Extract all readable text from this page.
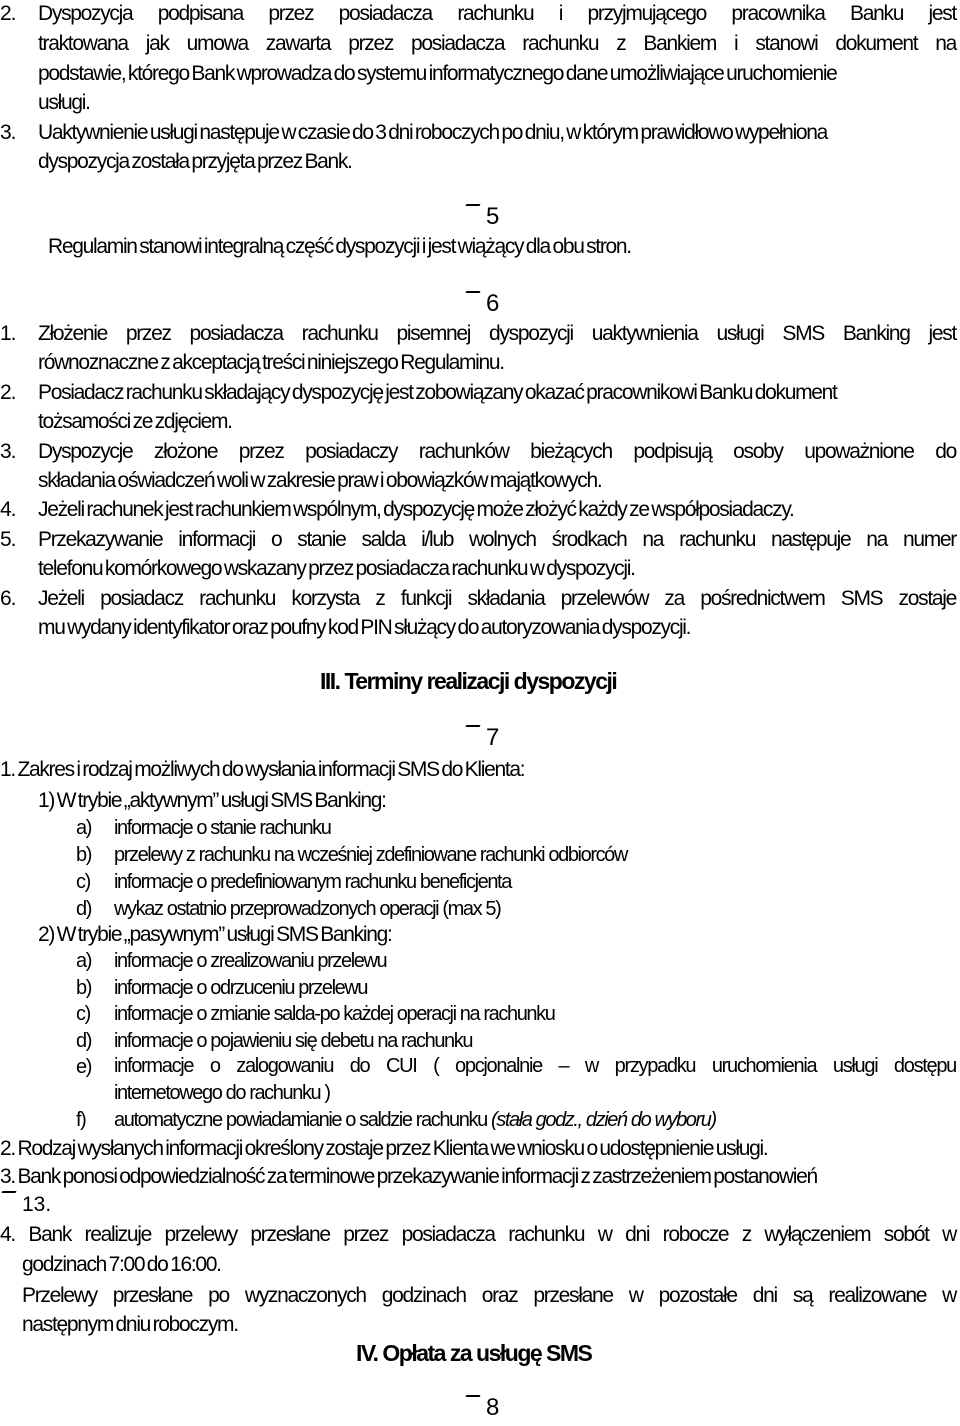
2. Dyspozycja podpisana przez posiadacza rachunku i przyjmującego pracownika Banku jest
traktowana jak umowa zawarta przez posiadacza rachunku z Bankiem i stanowi dokument na
podstawie, którego Bank wprowadza do systemu informatycznego dane umożliwiające uruchomienie
usługi.
3. Uaktywnienie usługi następuje w czasie do 3 dni roboczych po dniu, w którym prawidłowo wypełniona
dyspozycja została przyjęta przez Bank.
5
Regulamin stanowi integralną część dyspozycji i jest wiążący dla obu stron.
6
1. Złożenie przez posiadacza rachunku pisemnej dyspozycji uaktywnienia usługi SMS Banking jest
równoznaczne z akceptacją treści niniejszego Regulaminu.
2. Posiadacz rachunku składający dyspozycję jest zobowiązany okazać pracownikowi Banku dokument
tożsamości ze zdjęciem.
3. Dyspozycje złożone przez posiadaczy rachunków bieżących podpisują osoby upoważnione do
składania oświadczeń woli w zakresie praw i obowiązków majątkowych.
4. Jeżeli rachunek jest rachunkiem wspólnym, dyspozycję może złożyć każdy ze współposiadaczy.
5. Przekazywanie informacji o stanie salda i/lub wolnych środkach na rachunku następuje na numer
telefonu komórkowego wskazany przez posiadacza rachunku w dyspozycji.
6. Jeżeli posiadacz rachunku korzysta z funkcji składania przelewów za pośrednictwem SMS zostaje
mu wydany identyfikator oraz poufny kod PIN służący do autoryzowania dyspozycji.
III. Terminy realizacji dyspozycji
7
1. Zakres i rodzaj możliwych do wysłania informacji SMS do Klienta:
1) W trybie „aktywnym” usługi SMS Banking:
a) informacje o stanie rachunku
b) przelewy z rachunku na wcześniej zdefiniowane rachunki odbiorców
c) informacje o predefiniowanym rachunku beneficjenta
d) wykaz ostatnio przeprowadzonych operacji (max 5)
2) W trybie „pasywnym” usługi SMS Banking:
a) informacje o zrealizowaniu przelewu
b) informacje o odrzuceniu przelewu
c) informacje o zmianie salda-po każdej operacji na rachunku
d) informacje o pojawieniu się debetu na rachunku
e) informacje o zalogowaniu do CUI ( opcjonalnie – w przypadku uruchomienia usługi dostępu
internetowego do rachunku )
f) automatyczne powiadamianie o saldzie rachunku (stała godz., dzień do wyboru)
2. Rodzaj wysłanych informacji określony zostaje przez Klienta we wniosku o udostępnienie usługi.
3. Bank ponosi odpowiedzialność za terminowe przekazywanie informacji z zastrzeżeniem postanowień
13.
4. Bank realizuje przelewy przesłane przez posiadacza rachunku w dni robocze z wyłączeniem sobót w
godzinach 7:00 do 16:00.
Przelewy przesłane po wyznaczonych godzinach oraz przesłane w pozostałe dni są realizowane w
następnym dniu roboczym.
IV. Opłata za usługę SMS
8
